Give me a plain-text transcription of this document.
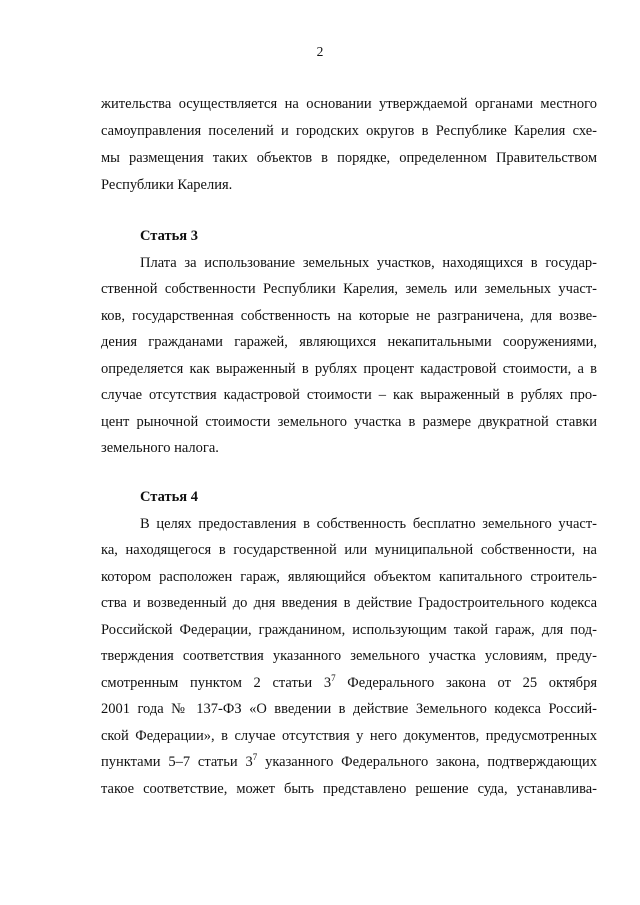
2
жительства осуществляется на основании утверждаемой органами местного
самоуправления поселений и городских округов в Республике Карелия схе-
мы размещения таких объектов в порядке, определенном Правительством
Республики Карелия.
Статья 3
Плата за использование земельных участков, находящихся в государ-
ственной собственности Республики Карелия, земель или земельных участ-
ков, государственная собственность на которые не разграничена, для возве-
дения гражданами гаражей, являющихся некапитальными сооружениями,
определяется как выраженный в рублях процент кадастровой стоимости, а в
случае отсутствия кадастровой стоимости – как выраженный в рублях про-
цент рыночной стоимости земельного участка в размере двукратной ставки
земельного налога.
Статья 4
В целях предоставления в собственность бесплатно земельного участ-
ка, находящегося в государственной или муниципальной собственности, на
котором расположен гараж, являющийся объектом капитального строитель-
ства и возведенный до дня введения в действие Градостроительного кодекса
Российской Федерации, гражданином, использующим такой гараж, для под-
тверждения соответствия указанного земельного участка условиям, преду-
смотренным пунктом 2 статьи $3^7$ Федерального закона от 25 октября
2001 года № 137-ФЗ «О введении в действие Земельного кодекса Россий-
ской Федерации», в случае отсутствия у него документов, предусмотренных
пунктами 5–7 статьи $3^7$ указанного Федерального закона, подтверждающих
такое соответствие, может быть представлено решение суда, устанавлива-
